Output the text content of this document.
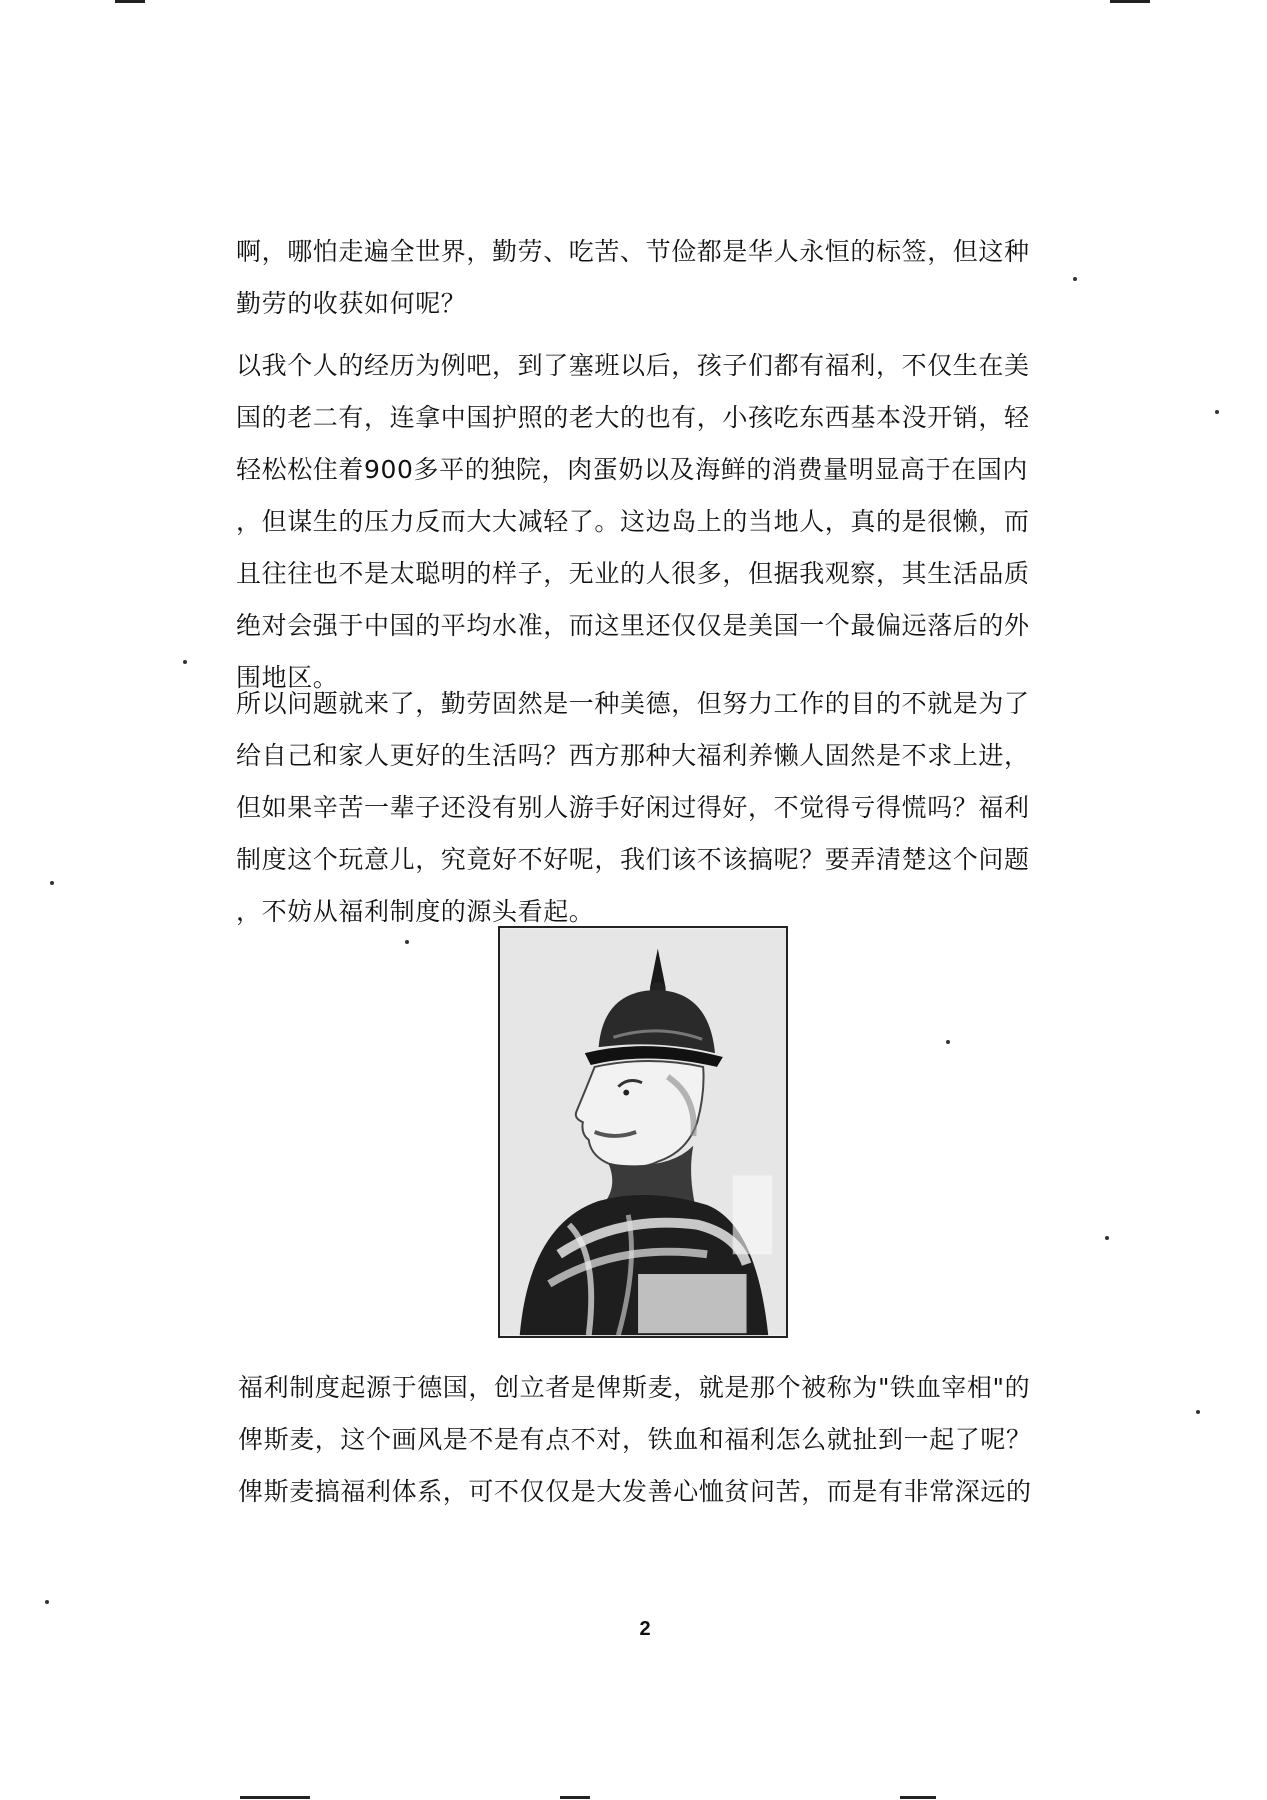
啊，哪怕走遍全世界，勤劳、吃苦、节俭都是华人永恒的标签，但这种
勤劳的收获如何呢？
以我个人的经历为例吧，到了塞班以后，孩子们都有福利，不仅生在美
国的老二有，连拿中国护照的老大的也有，小孩吃东西基本没开销，轻
轻松松住着900多平的独院，肉蛋奶以及海鲜的消费量明显高于在国内
，但谋生的压力反而大大减轻了。这边岛上的当地人，真的是很懒，而
且往往也不是太聪明的样子，无业的人很多，但据我观察，其生活品质
绝对会强于中国的平均水准，而这里还仅仅是美国一个最偏远落后的外
围地区。
所以问题就来了，勤劳固然是一种美德，但努力工作的目的不就是为了
给自己和家人更好的生活吗？西方那种大福利养懒人固然是不求上进，
但如果辛苦一辈子还没有别人游手好闲过得好，不觉得亏得慌吗？福利
制度这个玩意儿，究竟好不好呢，我们该不该搞呢？要弄清楚这个问题
，不妨从福利制度的源头看起。
福利制度起源于德国，创立者是俾斯麦，就是那个被称为"铁血宰相"的
俾斯麦，这个画风是不是有点不对，铁血和福利怎么就扯到一起了呢？
俾斯麦搞福利体系，可不仅仅是大发善心恤贫问苦，而是有非常深远的
2
